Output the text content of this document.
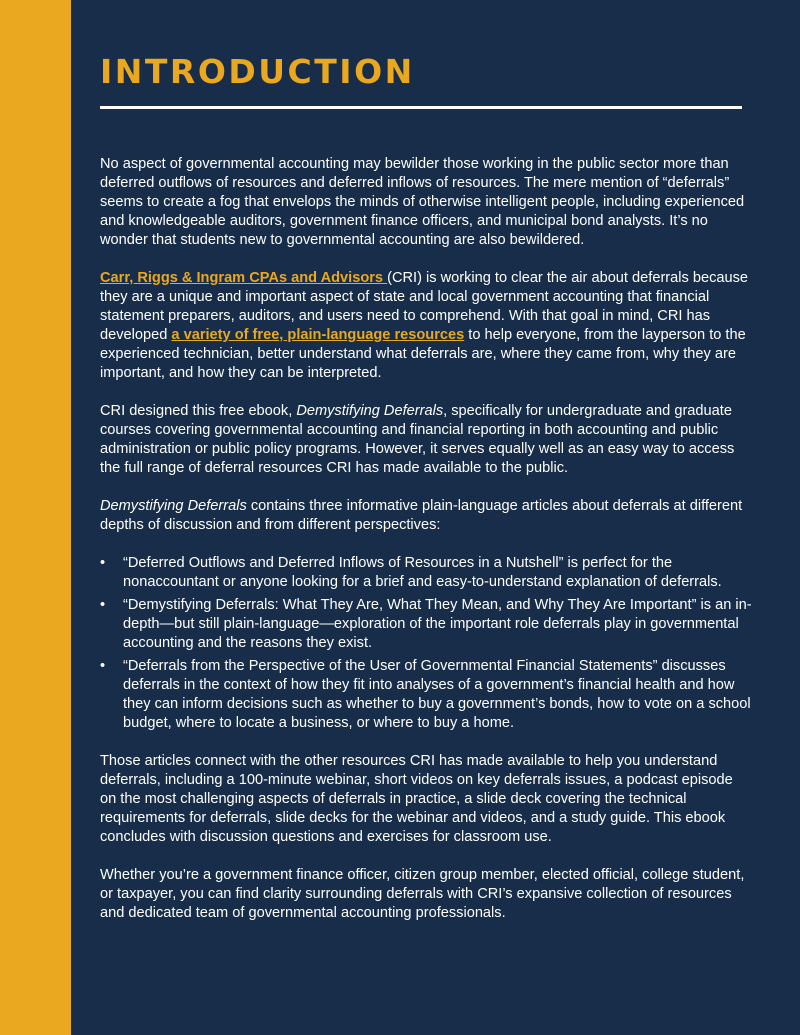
INTRODUCTION

No aspect of governmental accounting may bewilder those working in the public sector more than deferred outflows of resources and deferred inflows of resources. The mere mention of “deferrals” seems to create a fog that envelops the minds of otherwise intelligent people, including experienced and knowledgeable auditors, government finance officers, and municipal bond analysts. It’s no wonder that students new to governmental accounting are also bewildered.

Carr, Riggs & Ingram CPAs and Advisors (CRI) is working to clear the air about deferrals because they are a unique and important aspect of state and local government accounting that financial statement preparers, auditors, and users need to comprehend. With that goal in mind, CRI has developed a variety of free, plain-language resources to help everyone, from the layperson to the experienced technician, better understand what deferrals are, where they came from, why they are important, and how they can be interpreted.

CRI designed this free ebook, Demystifying Deferrals, specifically for undergraduate and graduate courses covering governmental accounting and financial reporting in both accounting and public administration or public policy programs. However, it serves equally well as an easy way to access the full range of deferral resources CRI has made available to the public.

Demystifying Deferrals contains three informative plain-language articles about deferrals at different depths of discussion and from different perspectives:

• “Deferred Outflows and Deferred Inflows of Resources in a Nutshell” is perfect for the nonaccountant or anyone looking for a brief and easy-to-understand explanation of deferrals.
• “Demystifying Deferrals: What They Are, What They Mean, and Why They Are Important” is an in-depth—but still plain-language—exploration of the important role deferrals play in governmental accounting and the reasons they exist.
• “Deferrals from the Perspective of the User of Governmental Financial Statements” discusses deferrals in the context of how they fit into analyses of a government’s financial health and how they can inform decisions such as whether to buy a government’s bonds, how to vote on a school budget, where to locate a business, or where to buy a home.

Those articles connect with the other resources CRI has made available to help you understand deferrals, including a 100-minute webinar, short videos on key deferrals issues, a podcast episode on the most challenging aspects of deferrals in practice, a slide deck covering the technical requirements for deferrals, slide decks for the webinar and videos, and a study guide. This ebook concludes with discussion questions and exercises for classroom use.

Whether you’re a government finance officer, citizen group member, elected official, college student, or taxpayer, you can find clarity surrounding deferrals with CRI’s expansive collection of resources and dedicated team of governmental accounting professionals.
